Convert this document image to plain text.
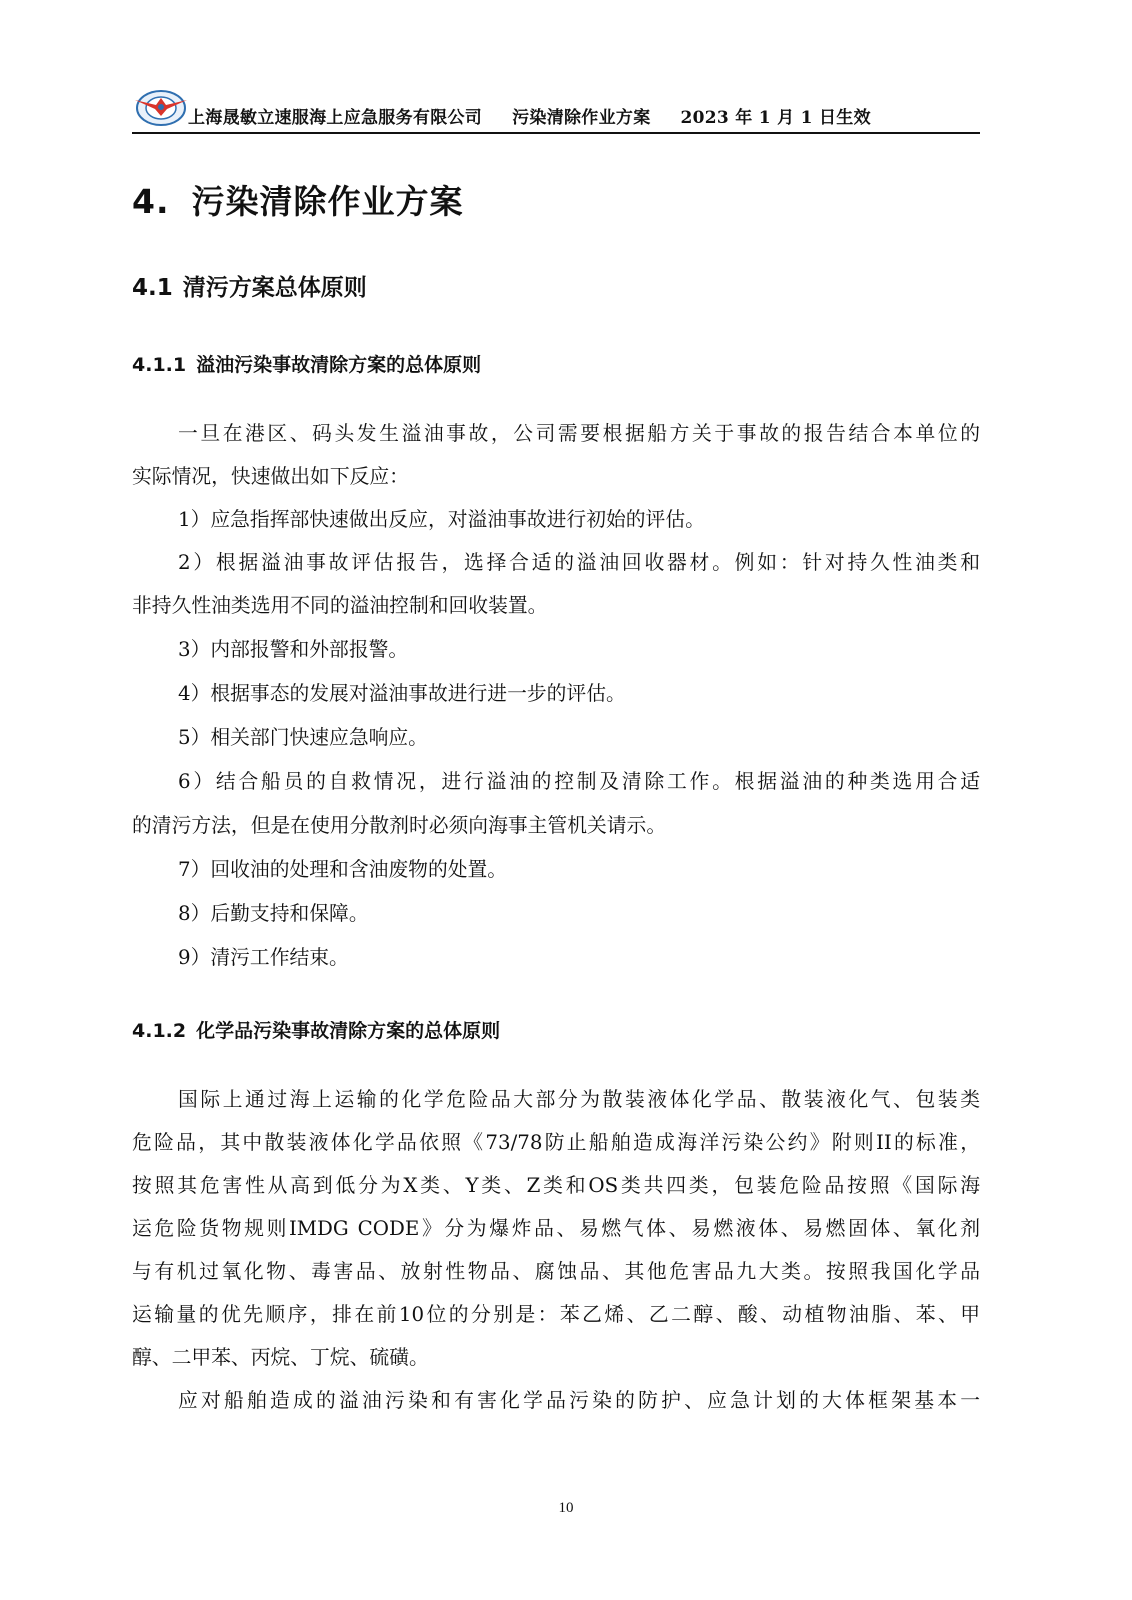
上海晟敏立速服海上应急服务有限公司 污染清除作业方案 2023 年 1 月 1 日生效
4. 污染清除作业方案
4.1 清污方案总体原则
4.1.1 溢油污染事故清除方案的总体原则
一旦在港区、码头发生溢油事故，公司需要根据船方关于事故的报告结合本单位的
实际情况，快速做出如下反应：
1）应急指挥部快速做出反应，对溢油事故进行初始的评估。
2）根据溢油事故评估报告，选择合适的溢油回收器材。例如：针对持久性油类和
非持久性油类选用不同的溢油控制和回收装置。
3）内部报警和外部报警。
4）根据事态的发展对溢油事故进行进一步的评估。
5）相关部门快速应急响应。
6）结合船员的自救情况，进行溢油的控制及清除工作。根据溢油的种类选用合适
的清污方法，但是在使用分散剂时必须向海事主管机关请示。
7）回收油的处理和含油废物的处置。
8）后勤支持和保障。
9）清污工作结束。
4.1.2 化学品污染事故清除方案的总体原则
国际上通过海上运输的化学危险品大部分为散装液体化学品、散装液化气、包装类
危险品，其中散装液体化学品依照《73/78防止船舶造成海洋污染公约》附则II的标准，
按照其危害性从高到低分为X类、Y类、Z类和OS类共四类，包装危险品按照《国际海
运危险货物规则IMDG CODE》分为爆炸品、易燃气体、易燃液体、易燃固体、氧化剂
与有机过氧化物、毒害品、放射性物品、腐蚀品、其他危害品九大类。按照我国化学品
运输量的优先顺序，排在前10位的分别是：苯乙烯、乙二醇、酸、动植物油脂、苯、甲
醇、二甲苯、丙烷、丁烷、硫磺。
应对船舶造成的溢油污染和有害化学品污染的防护、应急计划的大体框架基本一
10
